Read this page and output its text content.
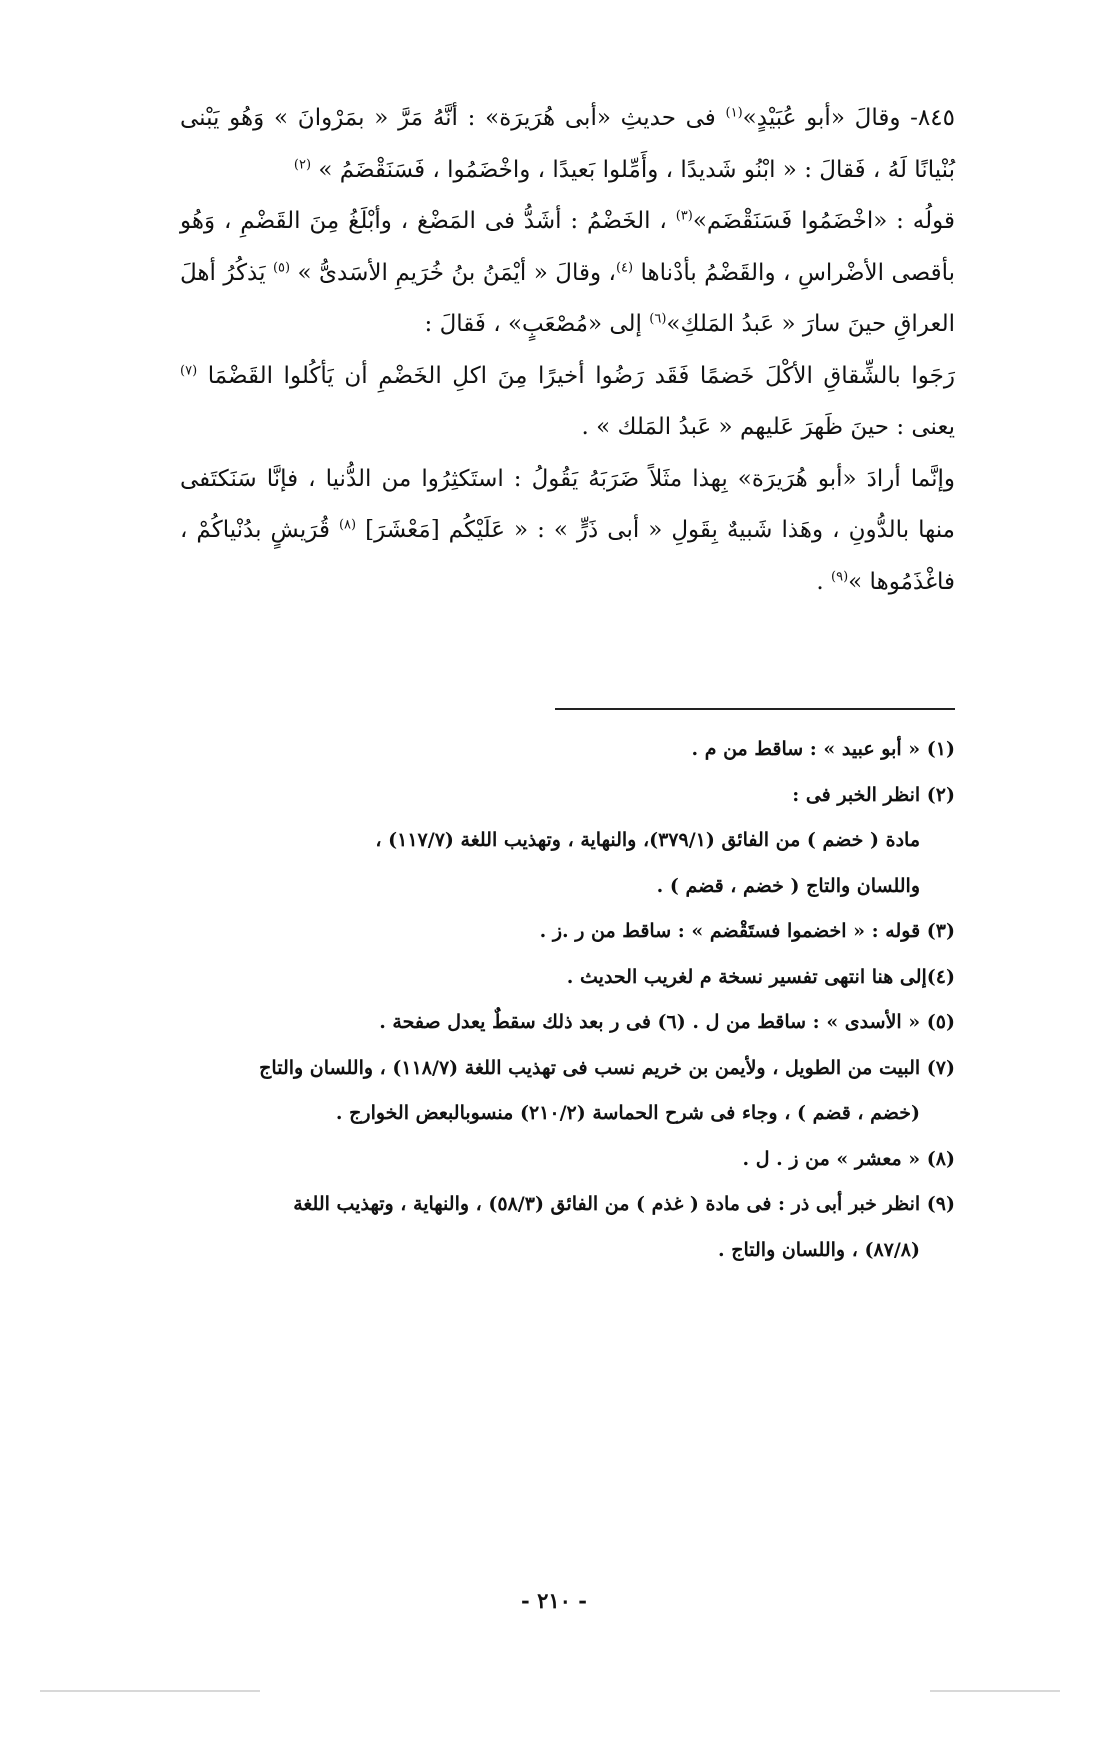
٨٤٥- وقالَ «أبو عُبَيْدٍ»$^{(١)}$ فى حديثِ «أبى هُرَيرَة» : أنَّهُ مَرَّ « بمَرْوانَ » وَهُو يَبْنى بُنْيانًا لَهُ ، فَقالَ : « ابْنُو شَديدًا ، وأَمِّلوا بَعيدًا ، واخْضَمُوا ، فَسَنَقْضَمُ » $^{(٢)}$

قولُه : «اخْضَمُوا فَسَنَقْضَم»$^{(٣)}$ ، الخَضْمُ : أشَدُّ فى المَضْغ ، وأبْلَغُ مِنَ القَضْمِ ، وَهُو بأقصى الأضْراسِ ، والقَضْمُ بأدْناها $^{(٤)}$، وقالَ « أيْمَنُ بنُ خُرَيمِ الأسَدىُّ » $^{(٥)}$ يَذكُرُ أهلَ العراقِ حينَ سارَ « عَبدُ المَلكِ»$^{(٦)}$ إلى «مُصْعَبٍ» ، فَقالَ :

رَجَوا بالشِّقاقِ الأكْلَ خَضمًا فَقَد رَضُوا أخيرًا مِنَ اكلِ الخَضْمِ أن يَأكُلوا القَضْمَا $^{(٧)}$

يعنى : حينَ ظَهرَ عَليهم « عَبدُ المَلك » .

وإنَّما أرادَ «أبو هُرَيرَة» بِهذا مثَلاً ضَرَبَهُ يَقُولُ : استَكثِرُوا من الدُّنيا ، فإنَّا سَنَكتَفى منها بالدُّونِ ، وهَذا شَبيهٌ بِقَولِ « أبى ذَرٍّ » : « عَلَيْكُم [مَعْشَرَ] $^{(٨)}$ قُرَيشٍ بدُنْياكُمْ ، فاغْذَمُوها »$^{(٩)}$ .

(١) « أبو عبيد » : ساقط من م .

(٢) انظر الخبر فى :

مادة ( خضم ) من الفائق (٣٧٩/١)، والنهاية ، وتهذيب اللغة (١١٧/٧) ،

واللسان والتاج ( خضم ، قضم ) .

(٣) قوله : « اخضموا فستَقْضم » : ساقط من ر .ز .

(٤)إلى هنا انتهى تفسير نسخة م لغريب الحديث .

(٥) « الأسدى » : ساقط من ل . (٦) فى ر بعد ذلك سقطٌ يعدل صفحة .

(٧) البيت من الطويل ، ولأيمن بن خريم نسب فى تهذيب اللغة (١١٨/٧) ، واللسان والتاج

(خضم ، قضم ) ، وجاء فى شرح الحماسة (٢١٠/٢) منسوبالبعض الخوارج .

(٨) « معشر » من ز . ل .

(٩) انظر خبر أبى ذر : فى مادة ( غذم ) من الفائق (٥٨/٣) ، والنهاية ، وتهذيب اللغة

(٨٧/٨) ، واللسان والتاج .

- ٢١٠ -
